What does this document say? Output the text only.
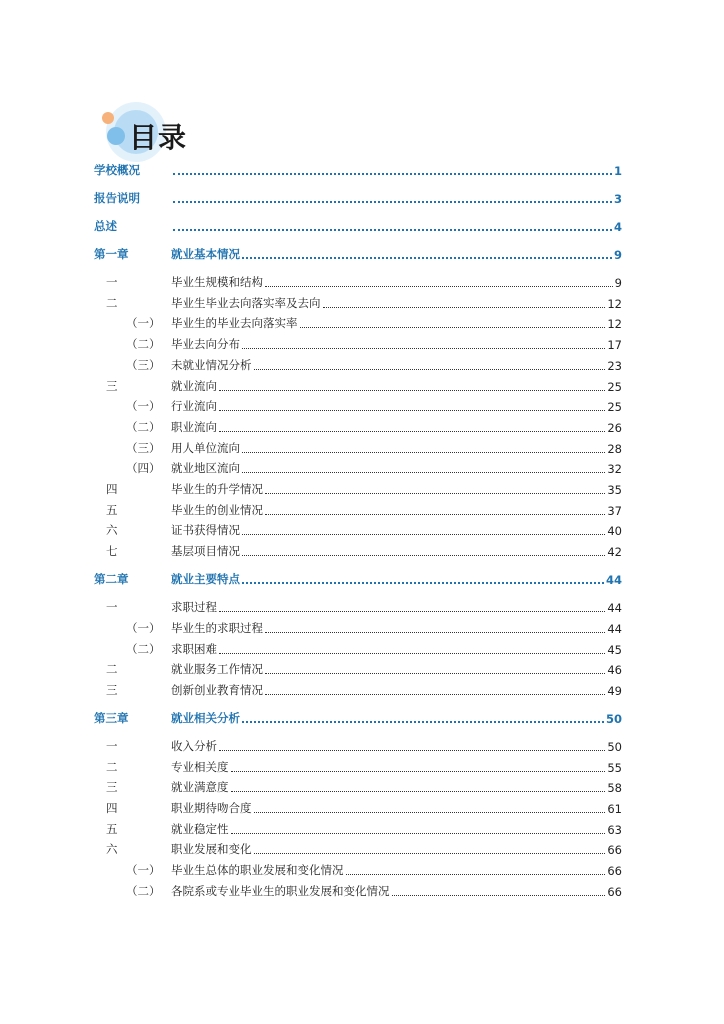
目录
学校概况	1
报告说明	3
总述	4
第一章	就业基本情况	9
一	毕业生规模和结构	9
二	毕业生毕业去向落实率及去向	12
（一） 毕业生的毕业去向落实率	12
（二） 毕业去向分布	17
（三） 未就业情况分析	23
三	就业流向	25
（一） 行业流向	25
（二） 职业流向	26
（三） 用人单位流向	28
（四） 就业地区流向	32
四	毕业生的升学情况	35
五	毕业生的创业情况	37
六	证书获得情况	40
七	基层项目情况	42
第二章	就业主要特点	44
一	求职过程	44
（一） 毕业生的求职过程	44
（二） 求职困难	45
二	就业服务工作情况	46
三	创新创业教育情况	49
第三章	就业相关分析	50
一	收入分析	50
二	专业相关度	55
三	就业满意度	58
四	职业期待吻合度	61
五	就业稳定性	63
六	职业发展和变化	66
（一） 毕业生总体的职业发展和变化情况	66
（二） 各院系或专业毕业生的职业发展和变化情况	66
